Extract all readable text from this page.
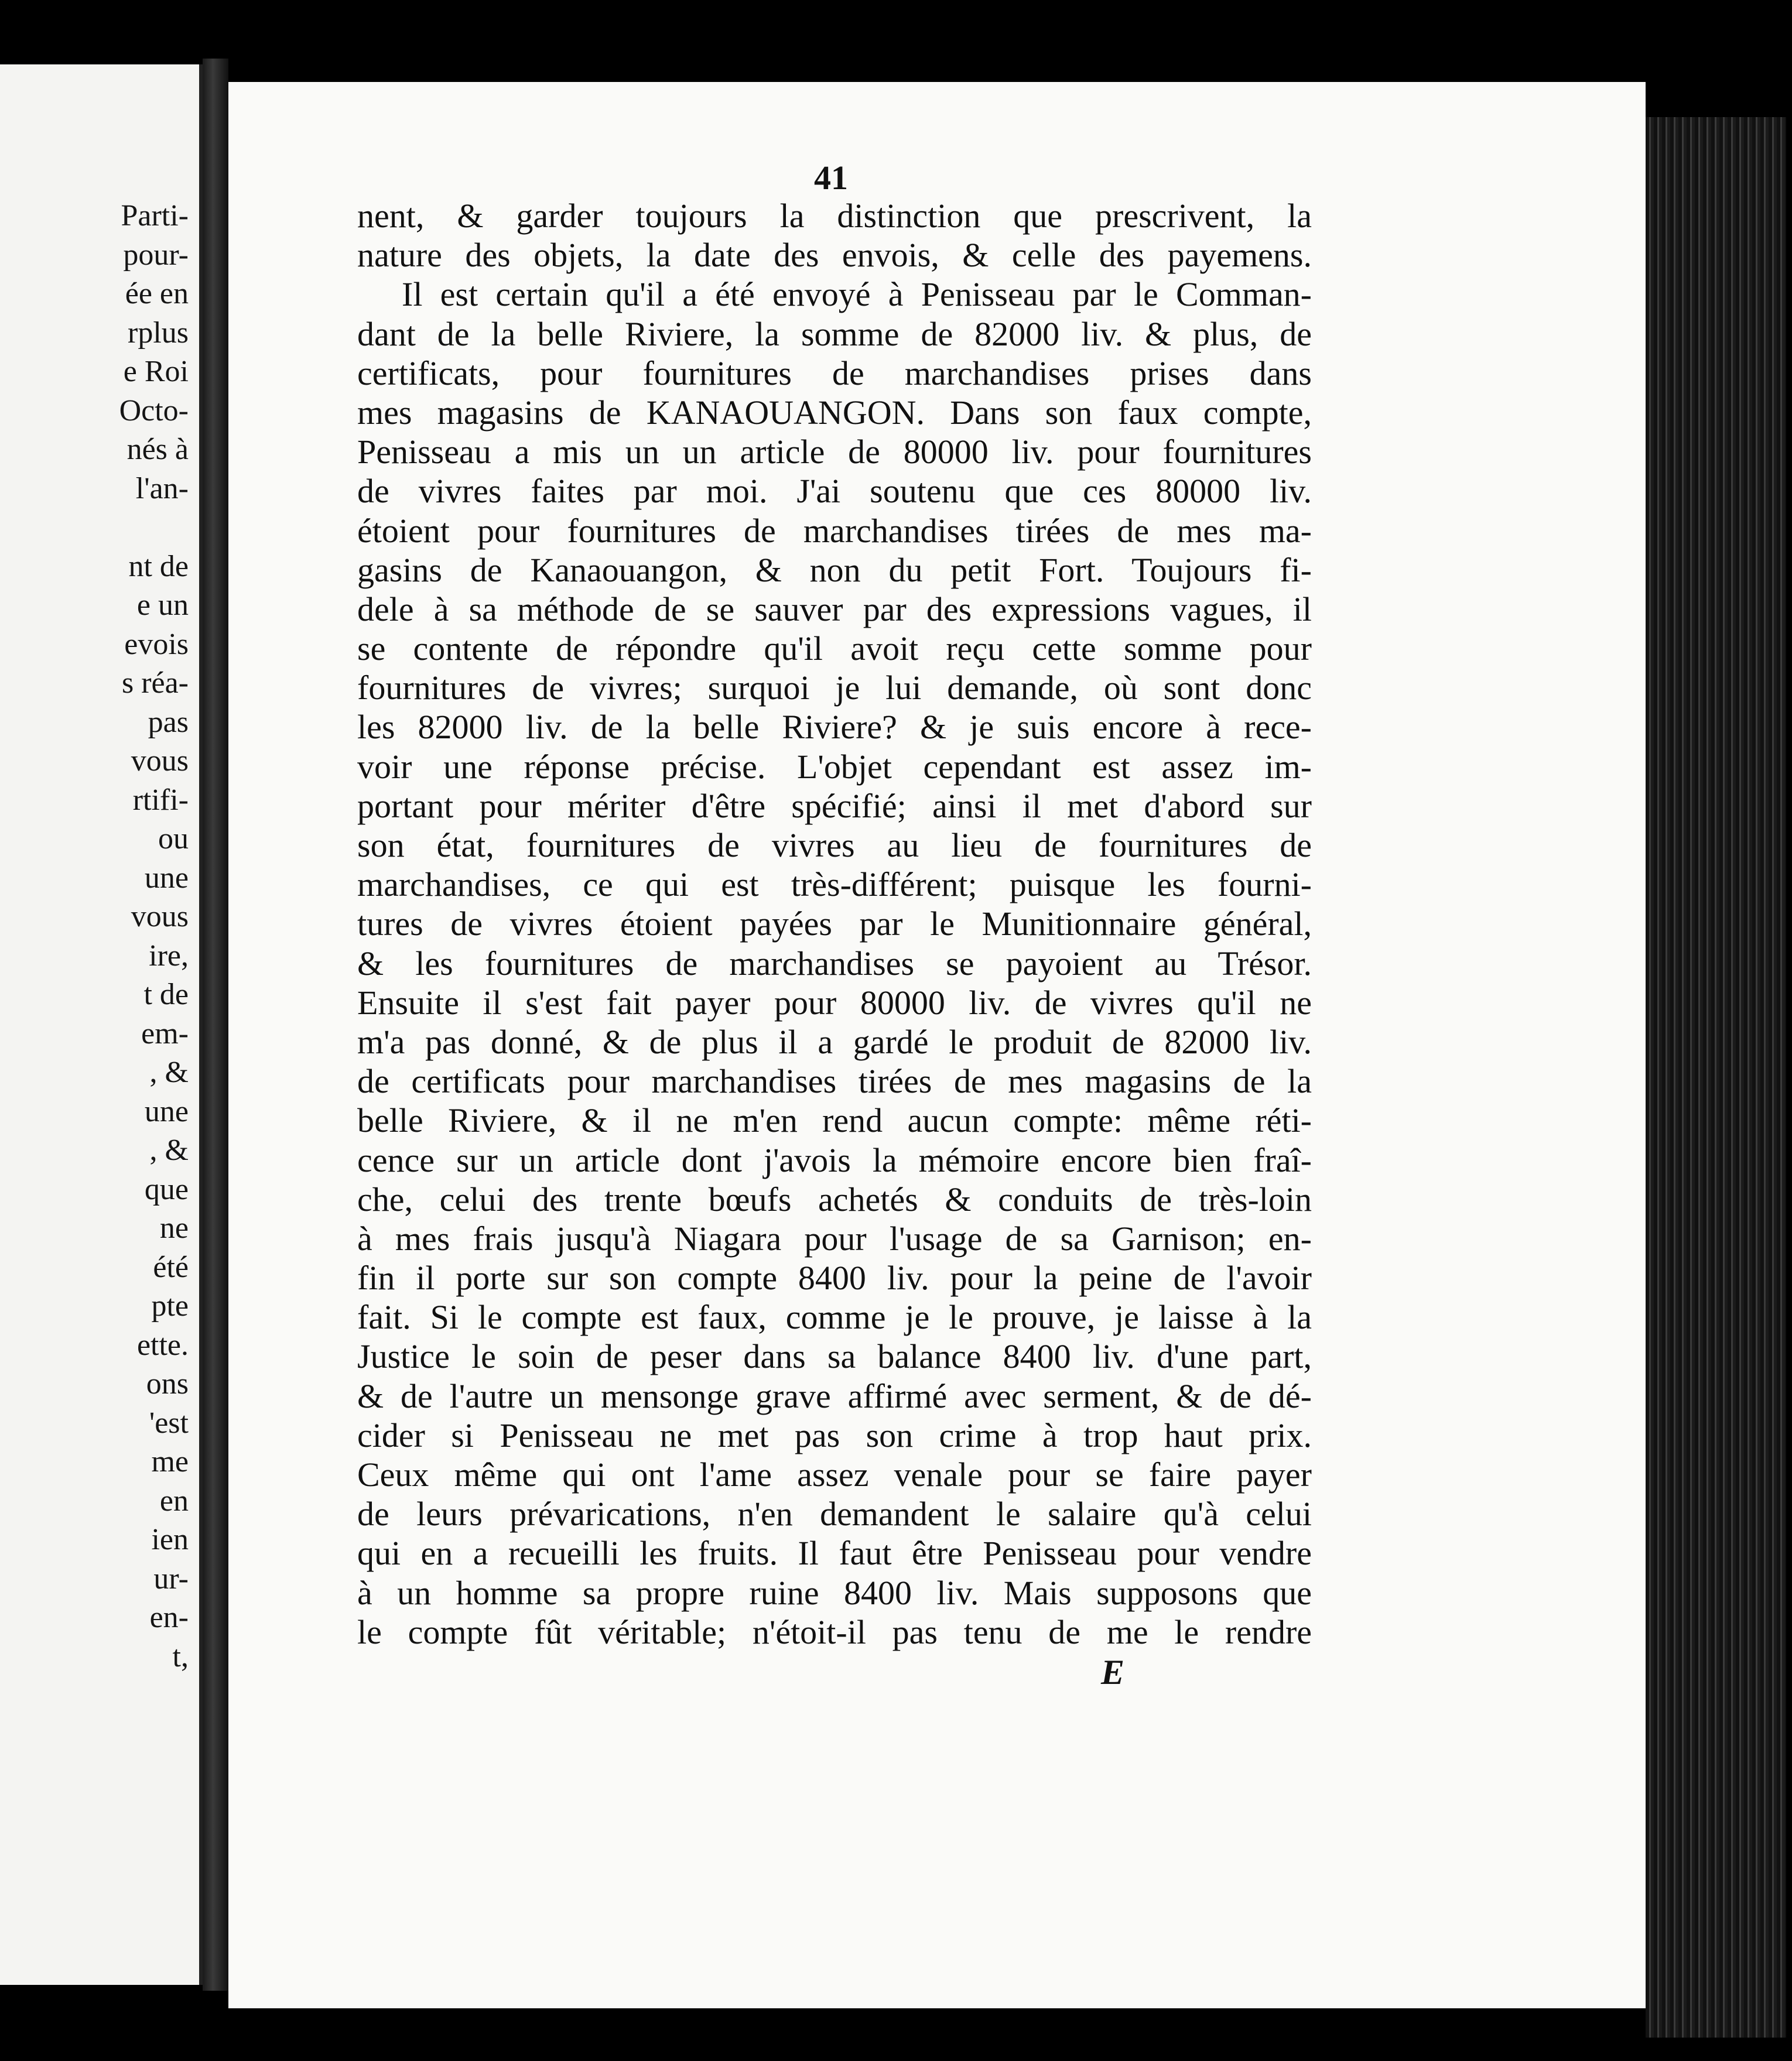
Parti-
pour-
ée en
rplus
e Roi
Octo-
nés à
l'an-
nt de
e un
evois
s réa-
pas
vous
rtifi-
ou
une
vous
ire,
t de
em-
, &
une
, &
que
ne
été
pte
ette.
ons
'est
me
en
ien
ur-
en-
t,
41
nent, & garder toujours la distinction que prescrivent, la
nature des objets, la date des envois, & celle des payemens.
Il est certain qu'il a été envoyé à Penisseau par le Comman-
dant de la belle Riviere, la somme de 82000 liv. & plus, de
certificats, pour fournitures de marchandises prises dans
mes magasins de KANAOUANGON. Dans son faux compte,
Penisseau a mis un un article de 80000 liv. pour fournitures
de vivres faites par moi. J'ai soutenu que ces 80000 liv.
étoient pour fournitures de marchandises tirées de mes ma-
gasins de Kanaouangon, & non du petit Fort. Toujours fi-
dele à sa méthode de se sauver par des expressions vagues, il
se contente de répondre qu'il avoit reçu cette somme pour
fournitures de vivres; surquoi je lui demande, où sont donc
les 82000 liv. de la belle Riviere? & je suis encore à rece-
voir une réponse précise. L'objet cependant est assez im-
portant pour mériter d'être spécifié; ainsi il met d'abord sur
son état, fournitures de vivres au lieu de fournitures de
marchandises, ce qui est très-différent; puisque les fourni-
tures de vivres étoient payées par le Munitionnaire général,
& les fournitures de marchandises se payoient au Trésor.
Ensuite il s'est fait payer pour 80000 liv. de vivres qu'il ne
m'a pas donné, & de plus il a gardé le produit de 82000 liv.
de certificats pour marchandises tirées de mes magasins de la
belle Riviere, & il ne m'en rend aucun compte: même réti-
cence sur un article dont j'avois la mémoire encore bien fraî-
che, celui des trente bœufs achetés & conduits de très-loin
à mes frais jusqu'à Niagara pour l'usage de sa Garnison; en-
fin il porte sur son compte 8400 liv. pour la peine de l'avoir
fait. Si le compte est faux, comme je le prouve, je laisse à la
Justice le soin de peser dans sa balance 8400 liv. d'une part,
& de l'autre un mensonge grave affirmé avec serment, & de dé-
cider si Penisseau ne met pas son crime à trop haut prix.
Ceux même qui ont l'ame assez venale pour se faire payer
de leurs prévarications, n'en demandent le salaire qu'à celui
qui en a recueilli les fruits. Il faut être Penisseau pour vendre
à un homme sa propre ruine 8400 liv. Mais supposons que
le compte fût véritable; n'étoit-il pas tenu de me le rendre
E
